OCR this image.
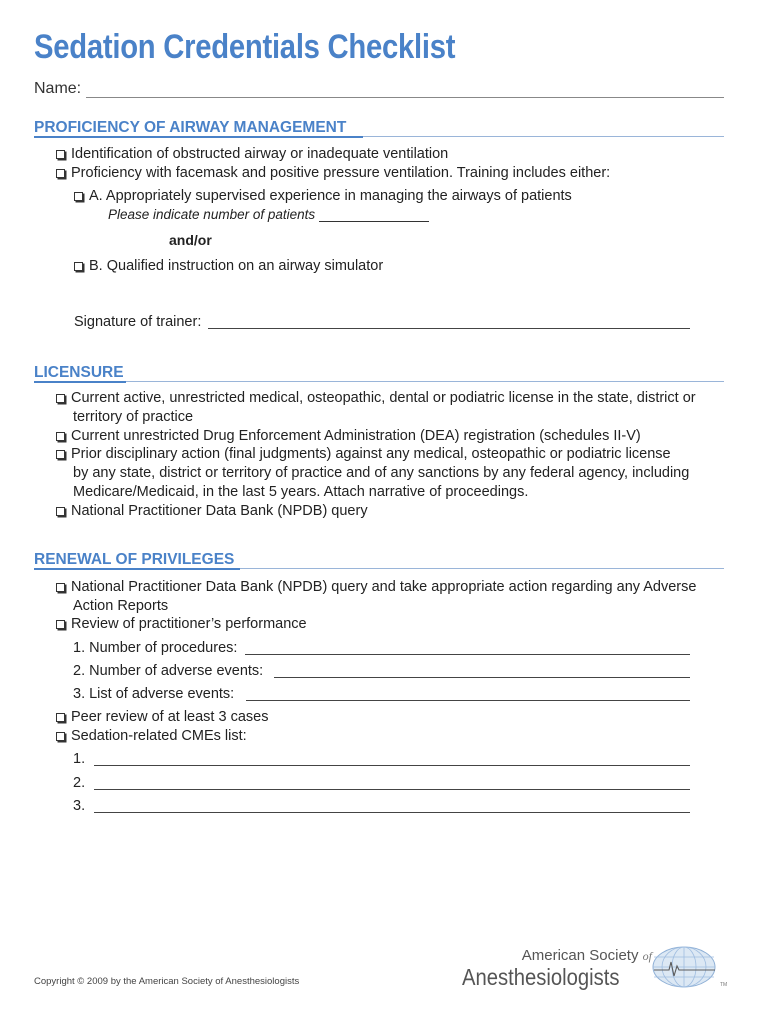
Sedation Credentials Checklist
Name:
PROFICIENCY OF AIRWAY MANAGEMENT
Identification of obstructed airway or inadequate ventilation
Proficiency with facemask and positive pressure ventilation. Training includes either:
A. Appropriately supervised experience in managing the airways of patients
Please indicate number of patients
and/or
B. Qualified instruction on an airway simulator
Signature of trainer:
LICENSURE
Current active, unrestricted medical, osteopathic, dental or podiatric license in the state, district or
territory of practice
Current unrestricted Drug Enforcement Administration (DEA) registration (schedules II-V)
Prior disciplinary action (final judgments) against any medical, osteopathic or podiatric license
by any state, district or territory of practice and of any sanctions by any federal agency, including
Medicare/Medicaid, in the last 5 years. Attach narrative of proceedings.
National Practitioner Data Bank (NPDB) query
RENEWAL OF PRIVILEGES
National Practitioner Data Bank (NPDB) query and take appropriate action regarding any Adverse
Action Reports
Review of practitioner’s performance
1. Number of procedures:
2. Number of adverse events:
3. List of adverse events:
Peer review of at least 3 cases
Sedation-related CMEs list:
1.
2.
3.
Copyright © 2009 by the American Society of Anesthesiologists
American Society of
Anesthesiologists	TM
